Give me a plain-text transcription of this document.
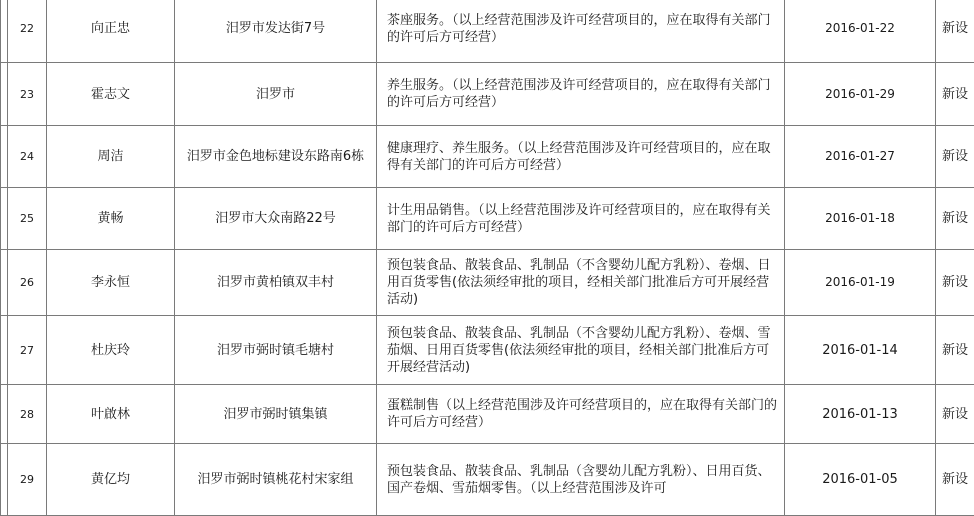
	22	向正忠	汨罗市发达街7号	茶座服务。（以上经营范围涉及许可经营项目的，应在取得有关部门的许可后方可经营）	2016-01-22	新设
	23	霍志文	汨罗市	养生服务。（以上经营范围涉及许可经营项目的，应在取得有关部门的许可后方可经营）	2016-01-29	新设
	24	周洁	汨罗市金色地标建设东路南6栋	健康理疗、养生服务。（以上经营范围涉及许可经营项目的，应在取得有关部门的许可后方可经营）	2016-01-27	新设
	25	黄畅	汨罗市大众南路22号	计生用品销售。（以上经营范围涉及许可经营项目的，应在取得有关部门的许可后方可经营）	2016-01-18	新设
	26	李永恒	汨罗市黄柏镇双丰村	预包装食品、散装食品、乳制品（不含婴幼儿配方乳粉）、卷烟、日用百货零售(依法须经审批的项目，经相关部门批准后方可开展经营活动)	2016-01-19	新设
	27	杜庆玲	汨罗市弼时镇毛塘村	预包装食品、散装食品、乳制品（不含婴幼儿配方乳粉）、卷烟、雪茄烟、日用百货零售(依法须经审批的项目，经相关部门批准后方可开展经营活动)	2016-01-14	新设
	28	叶啟林	汨罗市弼时镇集镇	蛋糕制售（以上经营范围涉及许可经营项目的，应在取得有关部门的许可后方可经营）	2016-01-13	新设
	29	黄亿均	汨罗市弼时镇桃花村宋家组	预包装食品、散装食品、乳制品（含婴幼儿配方乳粉）、日用百货、国产卷烟、雪茄烟零售。（以上经营范围涉及许可	2016-01-05	新设
